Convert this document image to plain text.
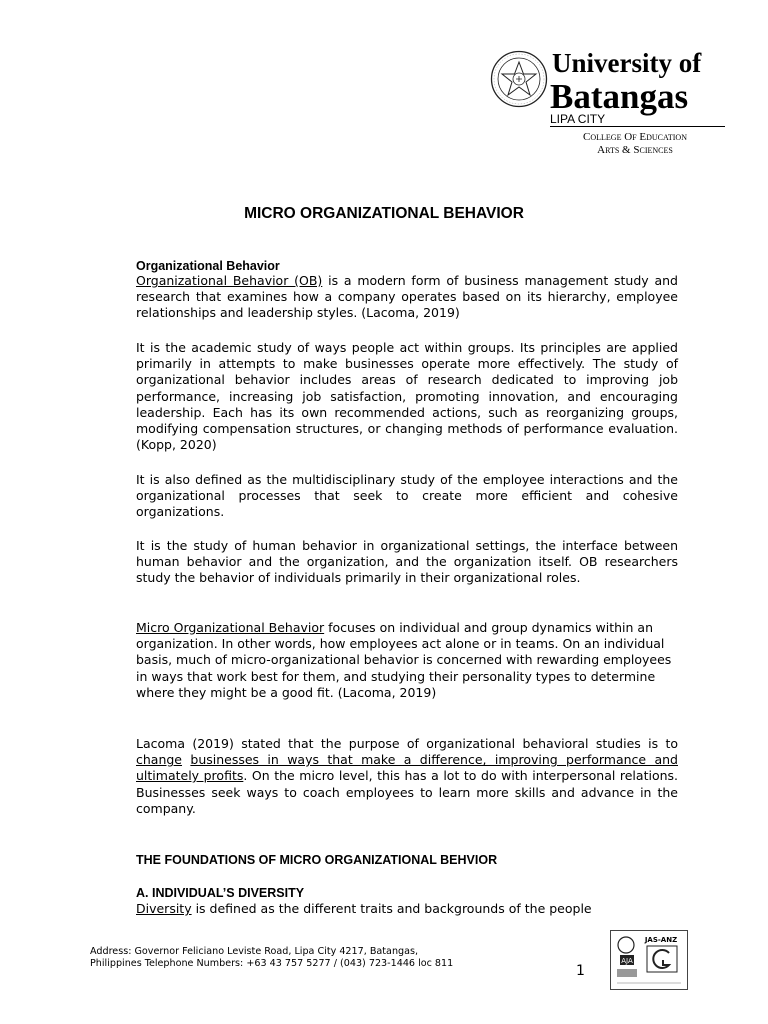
University of
Batangas
LIPA CITY
College Of Education
Arts & Sciences
MICRO ORGANIZATIONAL BEHAVIOR
Organizational Behavior

Organizational Behavior (OB) is a modern form of business management study and research that examines how a company operates based on its hierarchy, employee relationships and leadership styles. (Lacoma, 2019)

It is the academic study of ways people act within groups. Its principles are applied primarily in attempts to make businesses operate more effectively. The study of organizational behavior includes areas of research dedicated to improving job performance, increasing job satisfaction, promoting innovation, and encouraging leadership. Each has its own recommended actions, such as reorganizing groups, modifying compensation structures, or changing methods of performance evaluation. (Kopp, 2020)

It is also defined as the multidisciplinary study of the employee interactions and the organizational processes that seek to create more efficient and cohesive organizations.

It is the study of human behavior in organizational settings, the interface between human behavior and the organization, and the organization itself. OB researchers study the behavior of individuals primarily in their organizational roles.

Micro Organizational Behavior focuses on individual and group dynamics within an organization. In other words, how employees act alone or in teams. On an individual basis, much of micro-organizational behavior is concerned with rewarding employees in ways that work best for them, and studying their personality types to determine where they might be a good fit. (Lacoma, 2019)

Lacoma (2019) stated that the purpose of organizational behavioral studies is to change businesses in ways that make a difference, improving performance and ultimately profits. On the micro level, this has a lot to do with interpersonal relations. Businesses seek ways to coach employees to learn more skills and advance in the company.

THE FOUNDATIONS OF MICRO ORGANIZATIONAL BEHVIOR
A. INDIVIDUAL’S DIVERSITY

Diversity is defined as the different traits and backgrounds of the people

Address: Governor Feliciano Leviste Road, Lipa City 4217, Batangas, Philippines Telephone Numbers: +63 43 757 5277 / (043) 723-1446 loc 811	1
AJA
JAS-ANZ
